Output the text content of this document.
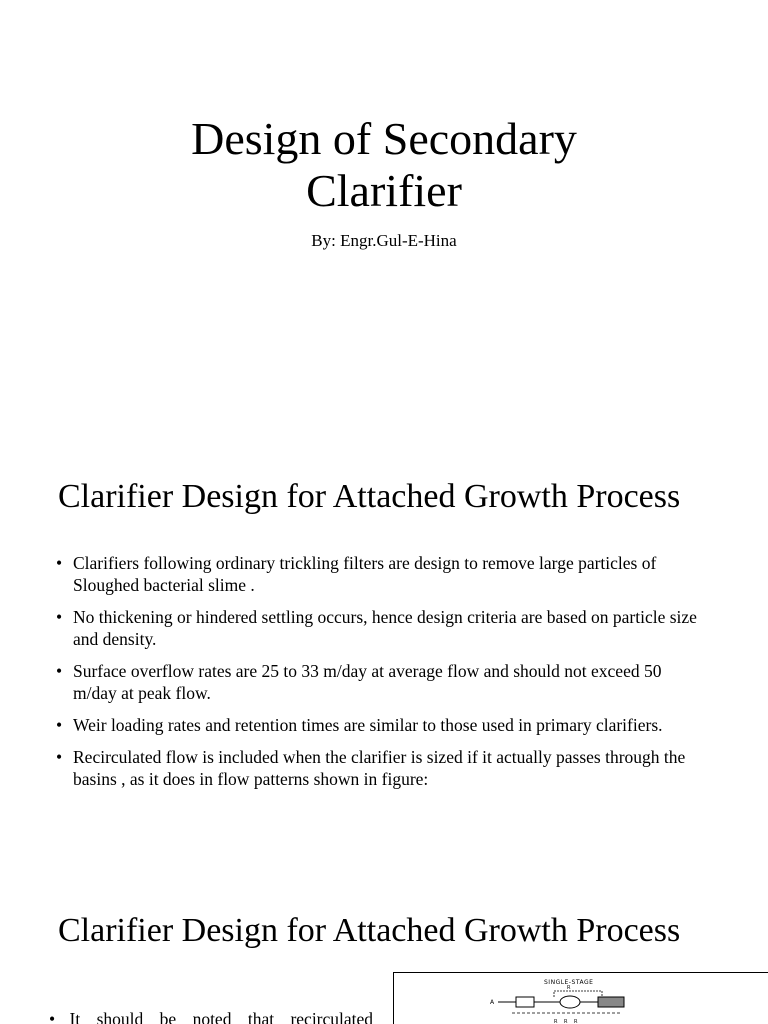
Design of Secondary
Clarifier

By: Engr.Gul-E-Hina

Clarifier Design for Attached Growth Process
• Clarifiers following ordinary trickling filters are design to remove large particles of Sloughed bacterial slime .
• No thickening or hindered settling occurs, hence design criteria are based on particle size and density.
• Surface overflow rates are 25 to 33 m/day at average flow and should not exceed 50 m/day at peak flow.
• Weir loading rates and retention times are similar to those used in primary clarifiers.
• Recirculated flow is included when the clarifier is sized if it actually passes through the basins , as it does in flow patterns shown in figure:
Clarifier Design for Attached Growth Process
• It should be noted that recirculated
SINGLE-STAGE
A
R
R R R
